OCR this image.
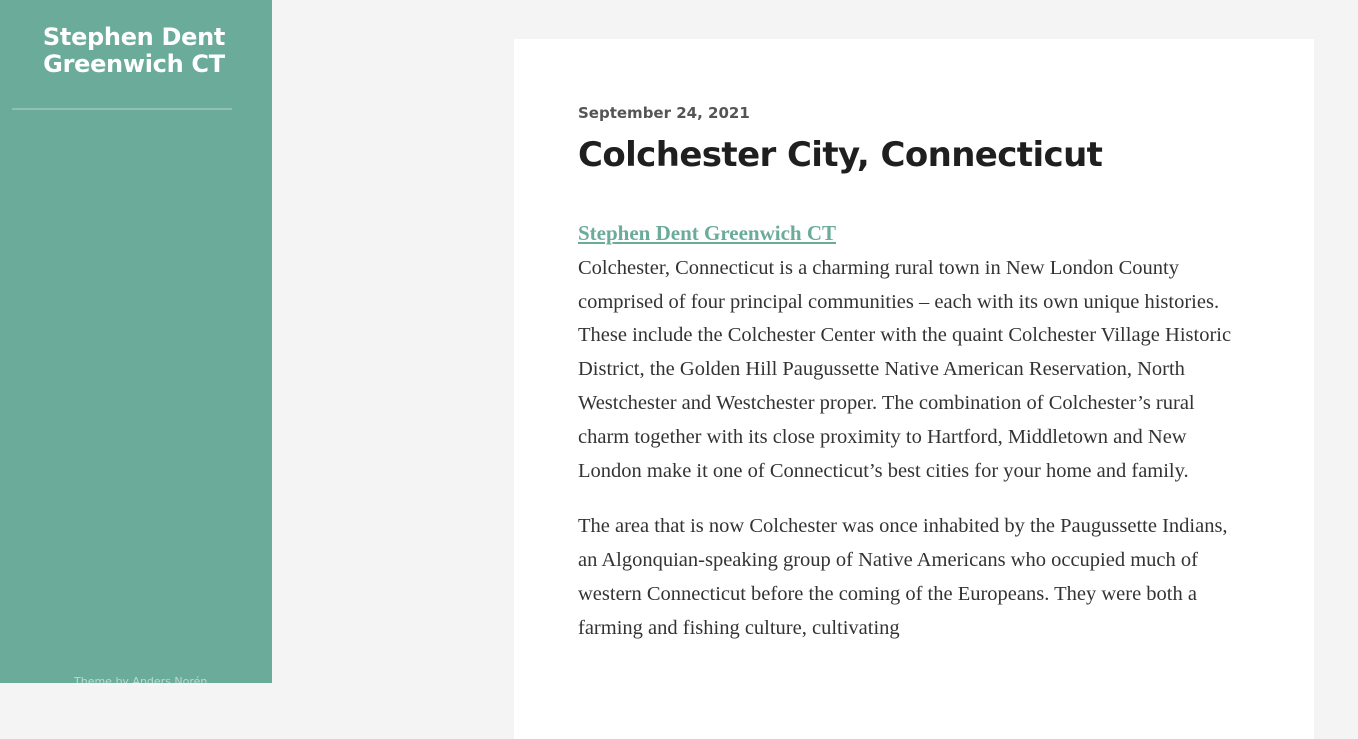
Stephen Dent Greenwich CT
Theme by Anders Norén

September 24, 2021

Colchester City, Connecticut
Stephen Dent Greenwich CT

Colchester, Connecticut is a charming rural town in New London County comprised of four principal communities – each with its own unique histories. These include the Colchester Center with the quaint Colchester Village Historic District, the Golden Hill Paugussette Native American Reservation, North Westchester and Westchester proper. The combination of Colchester’s rural charm together with its close proximity to Hartford, Middletown and New London make it one of Connecticut’s best cities for your home and family.

The area that is now Colchester was once inhabited by the Paugussette Indians, an Algonquian-speaking group of Native Americans who occupied much of western Connecticut before the coming of the Europeans. They were both a farming and fishing culture, cultivating
